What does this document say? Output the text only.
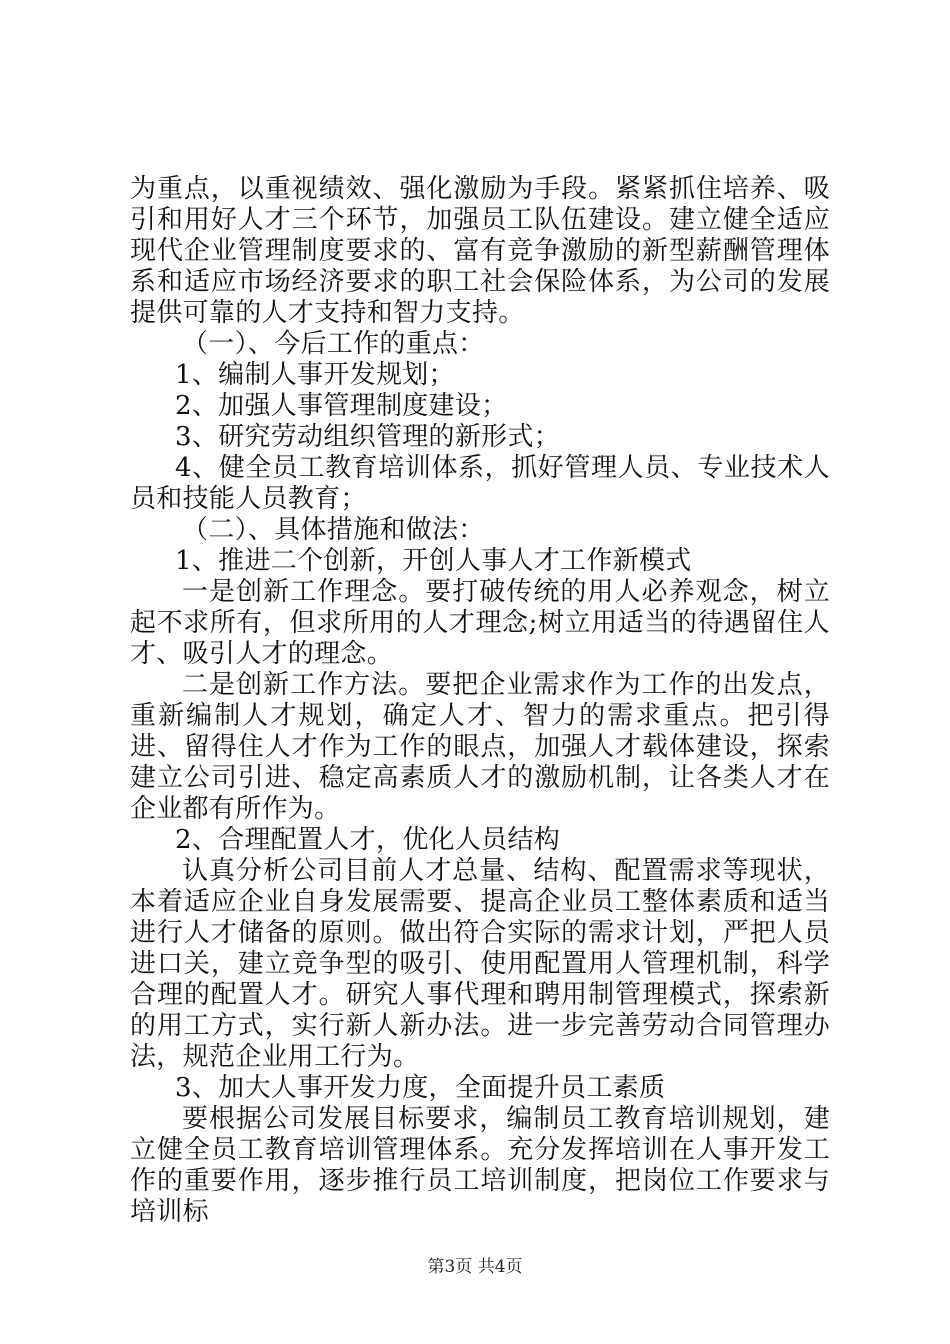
为重点，以重视绩效、强化激励为手段。紧紧抓住培养、吸引和用好人才三个环节，加强员工队伍建设。建立健全适应现代企业管理制度要求的、富有竞争激励的新型薪酬管理体系和适应市场经济要求的职工社会保险体系，为公司的发展提供可靠的人才支持和智力支持。

（一）、今后工作的重点：

1、编制人事开发规划；

2、加强人事管理制度建设；

3、研究劳动组织管理的新形式；

4、健全员工教育培训体系，抓好管理人员、专业技术人员和技能人员教育；

（二）、具体措施和做法：

1、推进二个创新，开创人事人才工作新模式

一是创新工作理念。要打破传统的用人必养观念，树立起不求所有，但求所用的人才理念;树立用适当的待遇留住人才、吸引人才的理念。

二是创新工作方法。要把企业需求作为工作的出发点，重新编制人才规划，确定人才、智力的需求重点。把引得进、留得住人才作为工作的眼点，加强人才载体建设，探索建立公司引进、稳定高素质人才的激励机制，让各类人才在企业都有所作为。

2、合理配置人才，优化人员结构

认真分析公司目前人才总量、结构、配置需求等现状，本着适应企业自身发展需要、提高企业员工整体素质和适当进行人才储备的原则。做出符合实际的需求计划，严把人员进口关，建立竞争型的吸引、使用配置用人管理机制，科学合理的配置人才。研究人事代理和聘用制管理模式，探索新的用工方式，实行新人新办法。进一步完善劳动合同管理办法，规范企业用工行为。

3、加大人事开发力度，全面提升员工素质

要根据公司发展目标要求，编制员工教育培训规划，建立健全员工教育培训管理体系。充分发挥培训在人事开发工作的重要作用，逐步推行员工培训制度，把岗位工作要求与培训标

第3页 共4页
